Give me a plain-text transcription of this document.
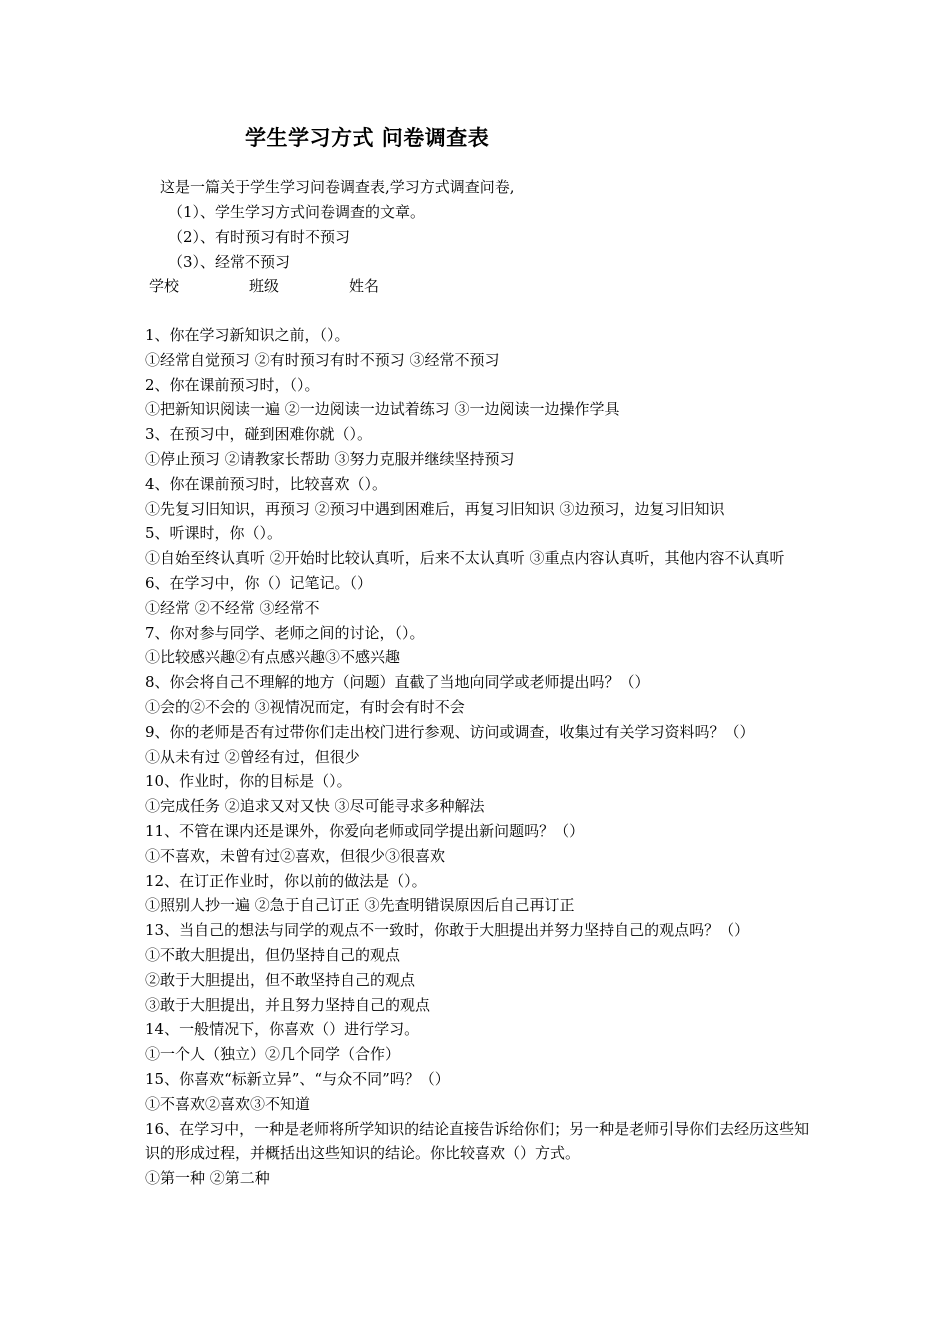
学生学习方式 问卷调查表
这是一篇关于学生学习问卷调查表,学习方式调查问卷,
（1）、学生学习方式问卷调查的文章。
（2）、有时预习有时不预习
（3）、经常不预习
学校	班级	姓名

1、你在学习新知识之前，（）。

①经常自觉预习 ②有时预习有时不预习 ③经常不预习

2、你在课前预习时，（）。

①把新知识阅读一遍 ②一边阅读一边试着练习 ③一边阅读一边操作学具

3、在预习中，碰到困难你就（）。

①停止预习 ②请教家长帮助 ③努力克服并继续坚持预习

4、你在课前预习时，比较喜欢（）。

①先复习旧知识，再预习 ②预习中遇到困难后，再复习旧知识 ③边预习，边复习旧知识

5、听课时，你（）。

①自始至终认真听 ②开始时比较认真听，后来不太认真听 ③重点内容认真听，其他内容不认真听

6、在学习中，你（）记笔记。（）

①经常 ②不经常 ③经常不

7、你对参与同学、老师之间的讨论，（）。

①比较感兴趣②有点感兴趣③不感兴趣

8、你会将自己不理解的地方（问题）直截了当地向同学或老师提出吗？（）

①会的②不会的 ③视情况而定，有时会有时不会

9、你的老师是否有过带你们走出校门进行参观、访问或调查，收集过有关学习资料吗？（）

①从未有过 ②曾经有过，但很少

10、作业时，你的目标是（）。

①完成任务 ②追求又对又快 ③尽可能寻求多种解法

11、不管在课内还是课外，你爱向老师或同学提出新问题吗？（）

①不喜欢，未曾有过②喜欢，但很少③很喜欢

12、在订正作业时，你以前的做法是（）。

①照别人抄一遍 ②急于自己订正 ③先查明错误原因后自己再订正

13、当自己的想法与同学的观点不一致时，你敢于大胆提出并努力坚持自己的观点吗？（）

①不敢大胆提出，但仍坚持自己的观点

②敢于大胆提出，但不敢坚持自己的观点

③敢于大胆提出，并且努力坚持自己的观点

14、一般情况下，你喜欢（）进行学习。

①一个人（独立）②几个同学（合作）

15、你喜欢“标新立异”、“与众不同”吗？（）

①不喜欢②喜欢③不知道

16、在学习中，一种是老师将所学知识的结论直接告诉给你们；另一种是老师引导你们去经历这些知识的形成过程，并概括出这些知识的结论。你比较喜欢（）方式。

①第一种 ②第二种
